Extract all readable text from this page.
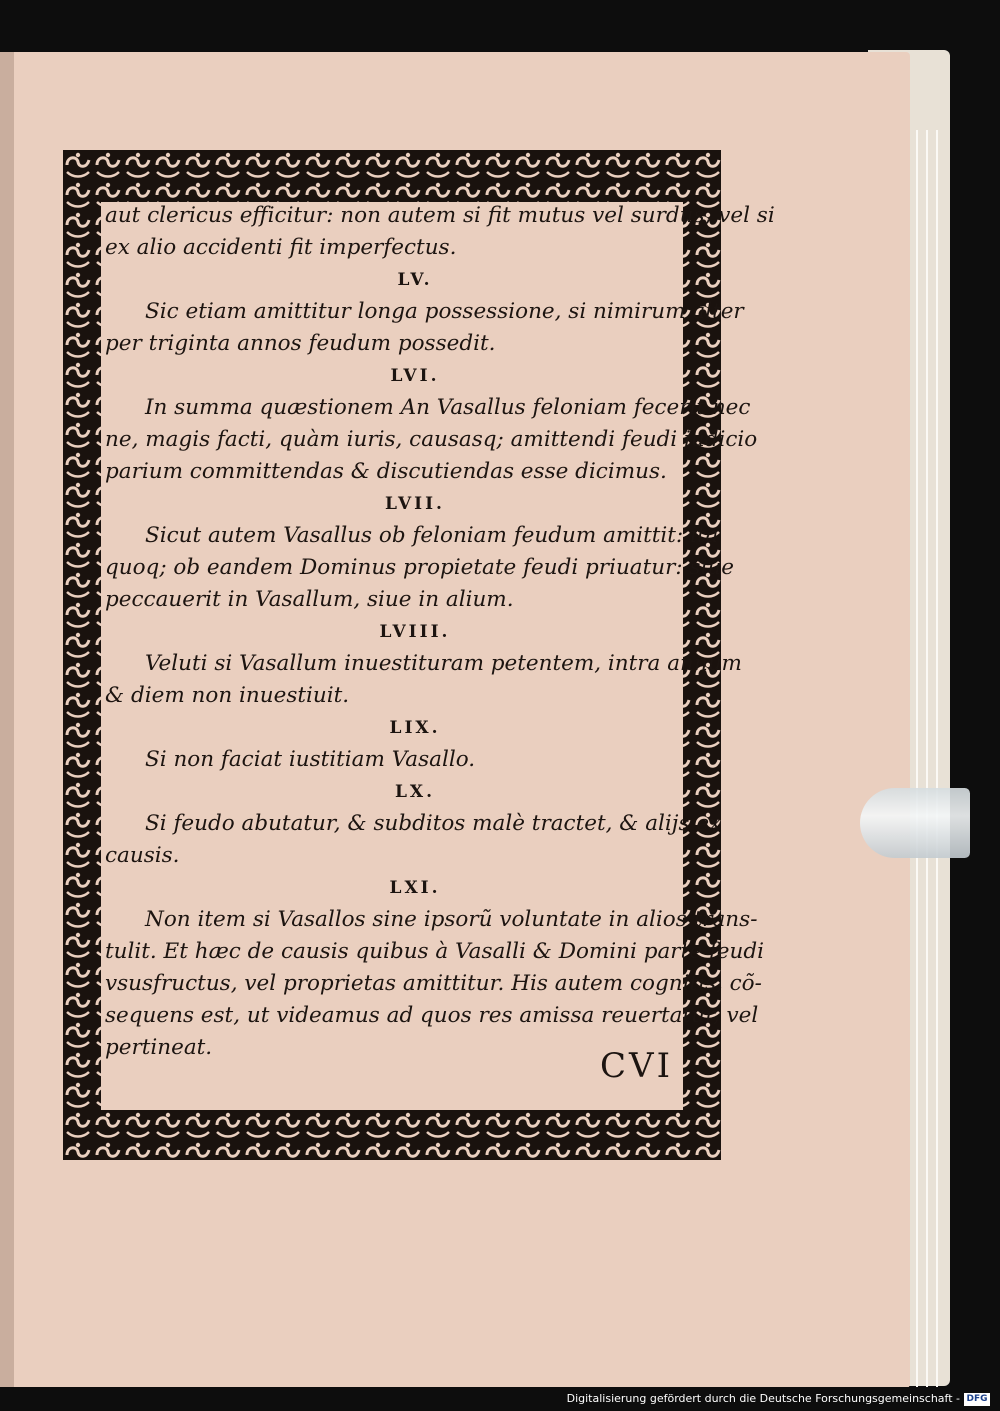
aut clericus efficitur: non autem si fit mutus vel surdus, vel si
ex alio accidenti fit imperfectus.
LV.
Sic etiam amittitur longa possessione, si nimirum alter
per triginta annos feudum possedit.
LVI.
In summa quæstionem An Vasallus feloniam fecerit nec
ne, magis facti, quàm iuris, causasq; amittendi feudi iudicio
parium committendas & discutiendas esse dicimus.
LVII.
Sicut autem Vasallus ob feloniam feudum amittit: ita
quoq; ob eandem Dominus propietate feudi priuatur: siue
peccauerit in Vasallum, siue in alium.
LVIII.
Veluti si Vasallum inuestituram petentem, intra annum
& diem non inuestiuit.
LIX.
Si non faciat iustitiam Vasallo.
LX.
Si feudo abutatur, & subditos malè tractet, & alijs ex
causis.
LXI.
Non item si Vasallos sine ipsorũ voluntate in alios trans-
tulit. Et hæc de causis quibus à Vasalli & Domini parte feudi
vsusfructus, vel proprietas amittitur. His autem cognitis, cõ-
sequens est, ut videamus ad quos res amissa reuertatur, vel
pertineat.	CVI
Digitalisierung gefördert durch die Deutsche Forschungsgemeinschaft - DFG
